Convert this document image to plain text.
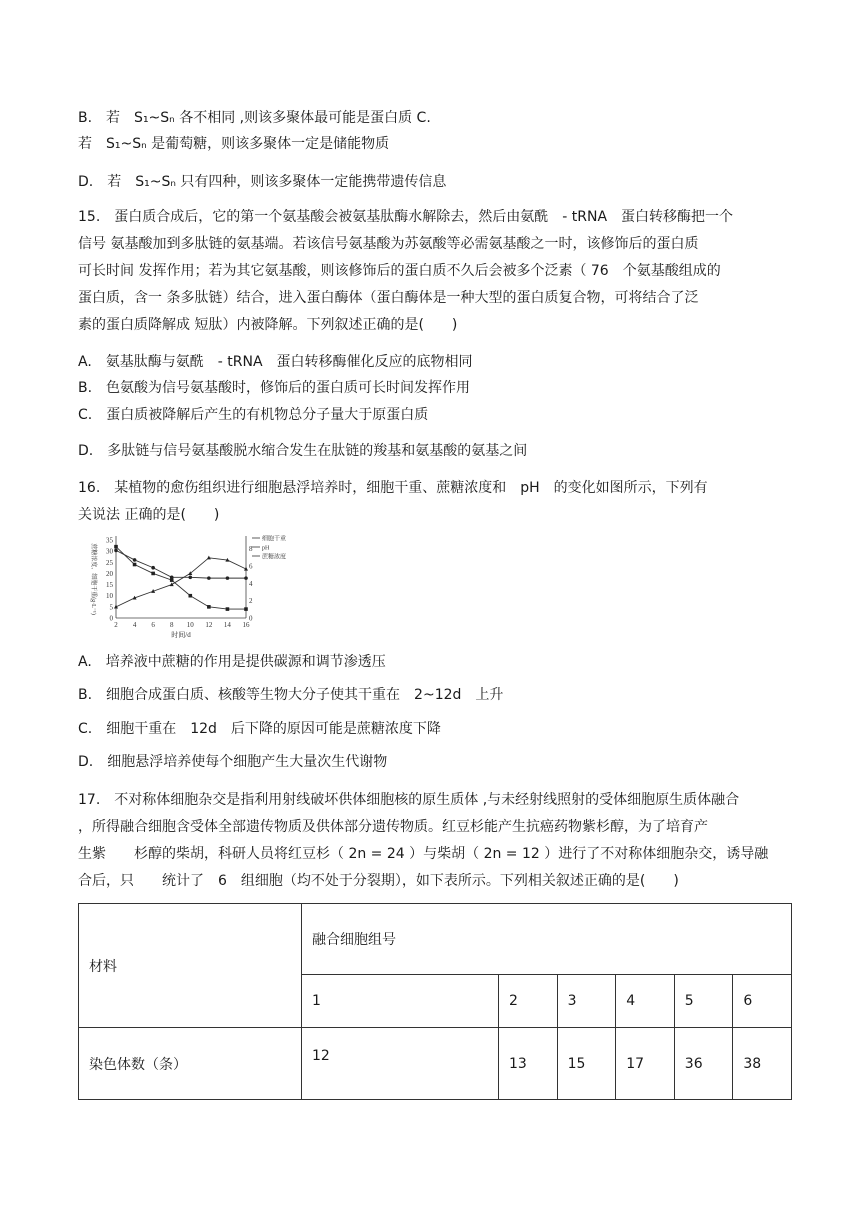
B.　若　S₁~Sₙ 各不相同 ,则该多聚体最可能是蛋白质 C.
若　S₁~Sₙ 是葡萄糖，则该多聚体一定是储能物质
D.　若　S₁~Sₙ 只有四种，则该多聚体一定能携带遗传信息
15.　蛋白质合成后，它的第一个氨基酸会被氨基肽酶水解除去，然后由氨酰　- tRNA　蛋白转移酶把一个
信号 氨基酸加到多肽链的氨基端。若该信号氨基酸为苏氨酸等必需氨基酸之一时，该修饰后的蛋白质
可长时间 发挥作用；若为其它氨基酸，则该修饰后的蛋白质不久后会被多个泛素（ 76　个氨基酸组成的
蛋白质，含一 条多肽链）结合，进入蛋白酶体（蛋白酶体是一种大型的蛋白质复合物，可将结合了泛
素的蛋白质降解成 短肽）内被降解。下列叙述正确的是(　　)
A.　氨基肽酶与氨酰　- tRNA　蛋白转移酶催化反应的底物相同
B.　色氨酸为信号氨基酸时，修饰后的蛋白质可长时间发挥作用
C.　蛋白质被降解后产生的有机物总分子量大于原蛋白质
D.　多肽链与信号氨基酸脱水缩合发生在肽链的羧基和氨基酸的氨基之间
16.　某植物的愈伤组织进行细胞悬浮培养时，细胞干重、蔗糖浓度和　pH　的变化如图所示，下列有
关说法 正确的是(　　)
2 4 6 8 10 12 14 16
0
5
10
15
20
25
30
35
0
2
4
6
8
时间/d
蔗糖浓度、细胞干重(g·L⁻¹)
细胞干重
pH
蔗糖浓度
A.　培养液中蔗糖的作用是提供碳源和调节渗透压
B.　细胞合成蛋白质、核酸等生物大分子使其干重在　2~12d　上升
C.　细胞干重在　12d　后下降的原因可能是蔗糖浓度下降
D.　细胞悬浮培养使每个细胞产生大量次生代谢物
17.　不对称体细胞杂交是指利用射线破坏供体细胞核的原生质体 ,与未经射线照射的受体细胞原生质体融合
，所得融合细胞含受体全部遗传物质及供体部分遗传物质。红豆杉能产生抗癌药物紫杉醇，为了培育产
生紫　　杉醇的柴胡，科研人员将红豆杉（ 2n = 24 ）与柴胡（ 2n = 12 ）进行了不对称体细胞杂交，诱导融
合后，只　　统计了　6　组细胞（均不处于分裂期），如下表所示。下列相关叙述正确的是(　　)
材料	融合细胞组号					
	1	2	3	4	5	6
染色体数（条）	12	13	15	17	36	38
